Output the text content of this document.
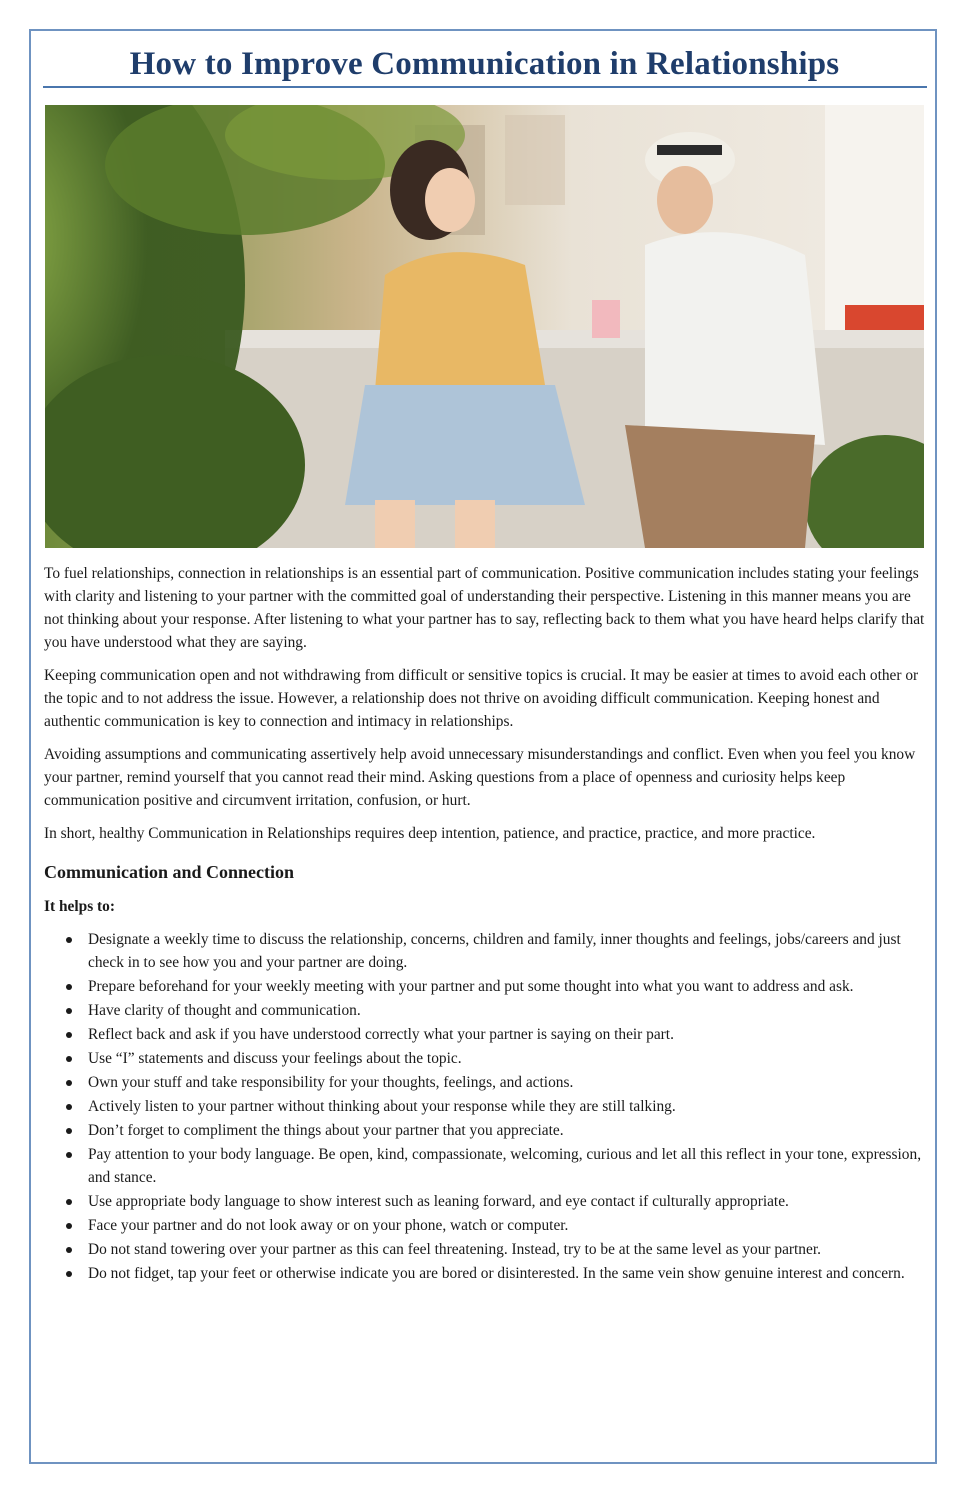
How to Improve Communication in Relationships

To fuel relationships, connection in relationships is an essential part of communication. Positive communication includes stating your feelings with clarity and listening to your partner with the committed goal of understanding their perspective. Listening in this manner means you are not thinking about your response. After listening to what your partner has to say, reflecting back to them what you have heard helps clarify that you have understood what they are saying.

Keeping communication open and not withdrawing from difficult or sensitive topics is crucial. It may be easier at times to avoid each other or the topic and to not address the issue. However, a relationship does not thrive on avoiding difficult communication. Keeping honest and authentic communication is key to connection and intimacy in relationships.

Avoiding assumptions and communicating assertively help avoid unnecessary misunderstandings and conflict. Even when you feel you know your partner, remind yourself that you cannot read their mind. Asking questions from a place of openness and curiosity helps keep communication positive and circumvent irritation, confusion, or hurt.

In short, healthy Communication in Relationships requires deep intention, patience, and practice, practice, and more practice.

Communication and Connection
It helps to:
Designate a weekly time to discuss the relationship, concerns, children and family, inner thoughts and feelings, jobs/careers and just check in to see how you and your partner are doing.
Prepare beforehand for your weekly meeting with your partner and put some thought into what you want to address and ask.
Have clarity of thought and communication.
Reflect back and ask if you have understood correctly what your partner is saying on their part.
Use “I” statements and discuss your feelings about the topic.
Own your stuff and take responsibility for your thoughts, feelings, and actions.
Actively listen to your partner without thinking about your response while they are still talking.
Don’t forget to compliment the things about your partner that you appreciate.
Pay attention to your body language. Be open, kind, compassionate, welcoming, curious and let all this reflect in your tone, expression, and stance.
Use appropriate body language to show interest such as leaning forward, and eye contact if culturally appropriate.
Face your partner and do not look away or on your phone, watch or computer.
Do not stand towering over your partner as this can feel threatening. Instead, try to be at the same level as your partner.
Do not fidget, tap your feet or otherwise indicate you are bored or disinterested. In the same vein show genuine interest and concern.
